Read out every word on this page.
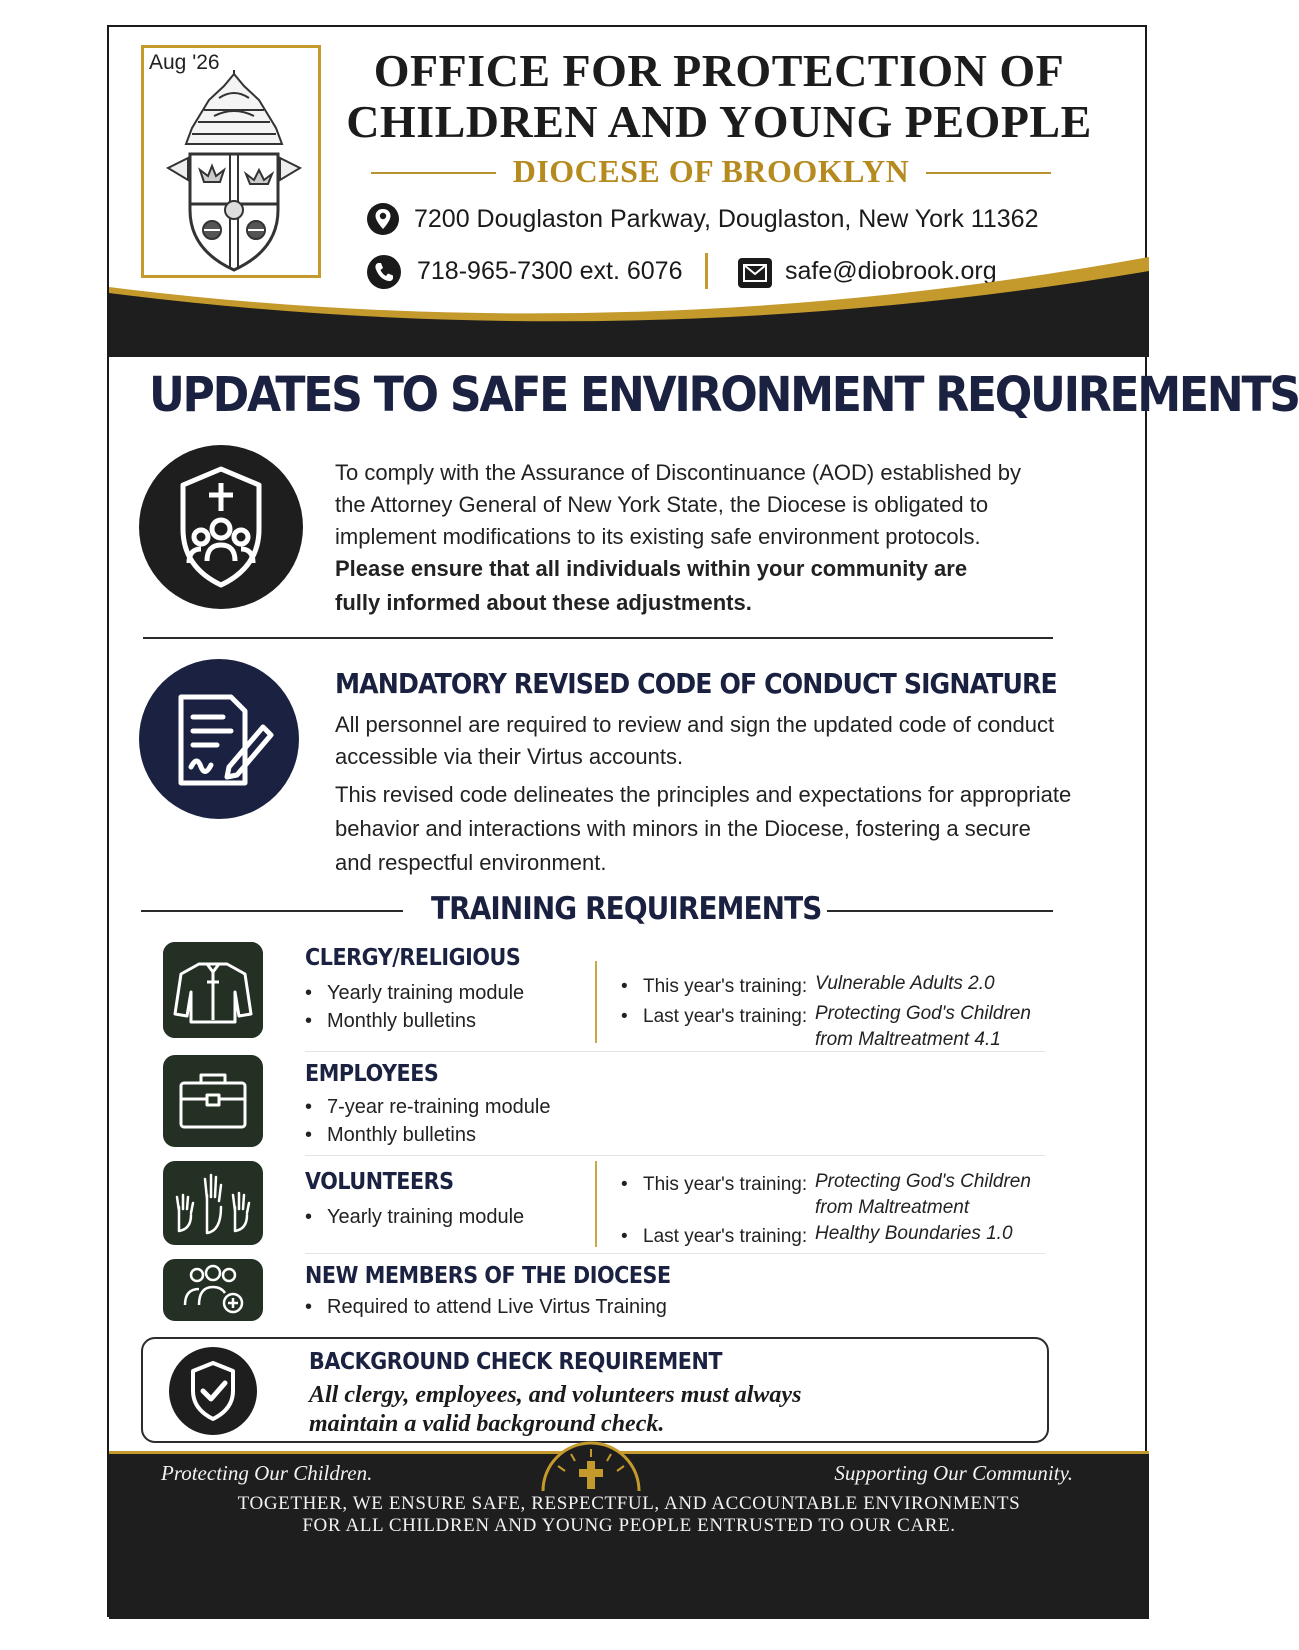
Aug '26	OFFICE FOR PROTECTION OF
CHILDREN AND YOUNG PEOPLE
DIOCESE OF BROOKLYN
7200 Douglaston Parkway, Douglaston, New York 11362
718-965-7300 ext. 6076	safe@diobrook.org
UPDATES TO SAFE ENVIRONMENT REQUIREMENTS
To comply with the Assurance of Discontinuance (AOD) established by the Attorney General of New York State, the Diocese is obligated to implement modifications to its existing safe environment protocols.
Please ensure that all individuals within your community are
fully informed about these adjustments.
MANDATORY REVISED CODE OF CONDUCT SIGNATURE
All personnel are required to review and sign the updated code of conduct
accessible via their Virtus accounts.
This revised code delineates the principles and expectations for appropriate
behavior and interactions with minors in the Diocese, fostering a secure
and respectful environment.
TRAINING REQUIREMENTS
CLERGY/RELIGIOUS
• Yearly training module
• Monthly bulletins
• This year's training: Vulnerable Adults 2.0
• Last year's training: Protecting God's Children
from Maltreatment 4.1
EMPLOYEES
• 7-year re-training module
• Monthly bulletins
VOLUNTEERS
• Yearly training module
• This year's training: Protecting God's Children
from Maltreatment
• Last year's training: Healthy Boundaries 1.0
NEW MEMBERS OF THE DIOCESE
• Required to attend Live Virtus Training
BACKGROUND CHECK REQUIREMENT
All clergy, employees, and volunteers must always
maintain a valid background check.
Protecting Our Children.	Supporting Our Community.
TOGETHER, WE ENSURE SAFE, RESPECTFUL, AND ACCOUNTABLE ENVIRONMENTS
FOR ALL CHILDREN AND YOUNG PEOPLE ENTRUSTED TO OUR CARE.
